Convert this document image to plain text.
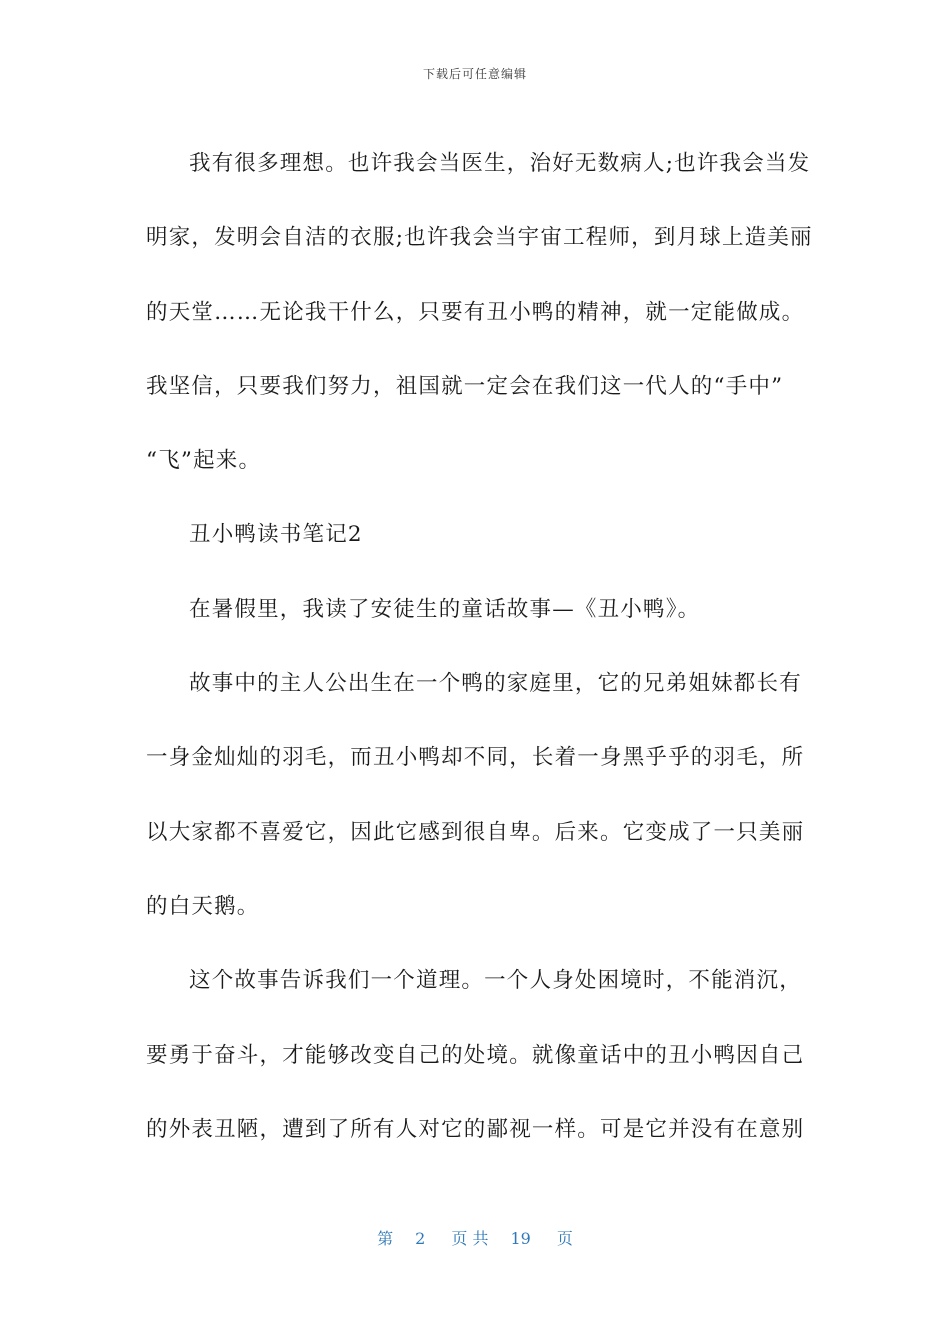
下载后可任意编辑

我有很多理想。也许我会当医生，治好无数病人;也许我会当发

明家，发明会自洁的衣服;也许我会当宇宙工程师，到月球上造美丽

的天堂……无论我干什么，只要有丑小鸭的精神，就一定能做成。

我坚信，只要我们努力，祖国就一定会在我们这一代人的“手中”

“飞”起来。

丑小鸭读书笔记2

在暑假里，我读了安徒生的童话故事—《丑小鸭》。

故事中的主人公出生在一个鸭的家庭里，它的兄弟姐妹都长有

一身金灿灿的羽毛，而丑小鸭却不同，长着一身黑乎乎的羽毛，所

以大家都不喜爱它，因此它感到很自卑。后来。它变成了一只美丽

的白天鹅。

这个故事告诉我们一个道理。一个人身处困境时，不能消沉，

要勇于奋斗，才能够改变自己的处境。就像童话中的丑小鸭因自己

的外表丑陋，遭到了所有人对它的鄙视一样。可是它并没有在意别

第 2 页 共 19 页
